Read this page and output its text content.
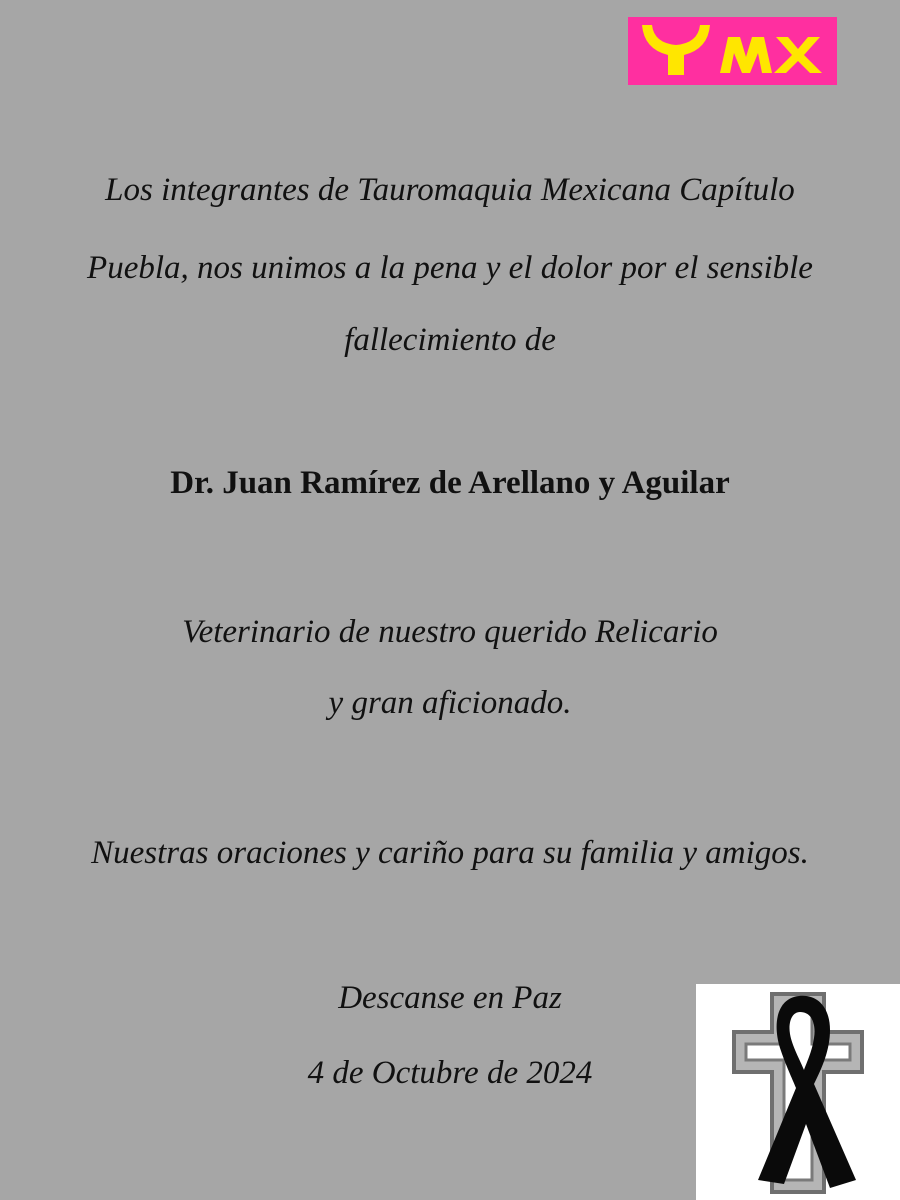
Los integrantes de Tauromaquia Mexicana Capítulo
Puebla, nos unimos a la pena y el dolor por el sensible
fallecimiento de
Dr. Juan Ramírez de Arellano y Aguilar
Veterinario de nuestro querido Relicario
y gran aficionado.
Nuestras oraciones y cariño para su familia y amigos.
Descanse en Paz
4 de Octubre de 2024
